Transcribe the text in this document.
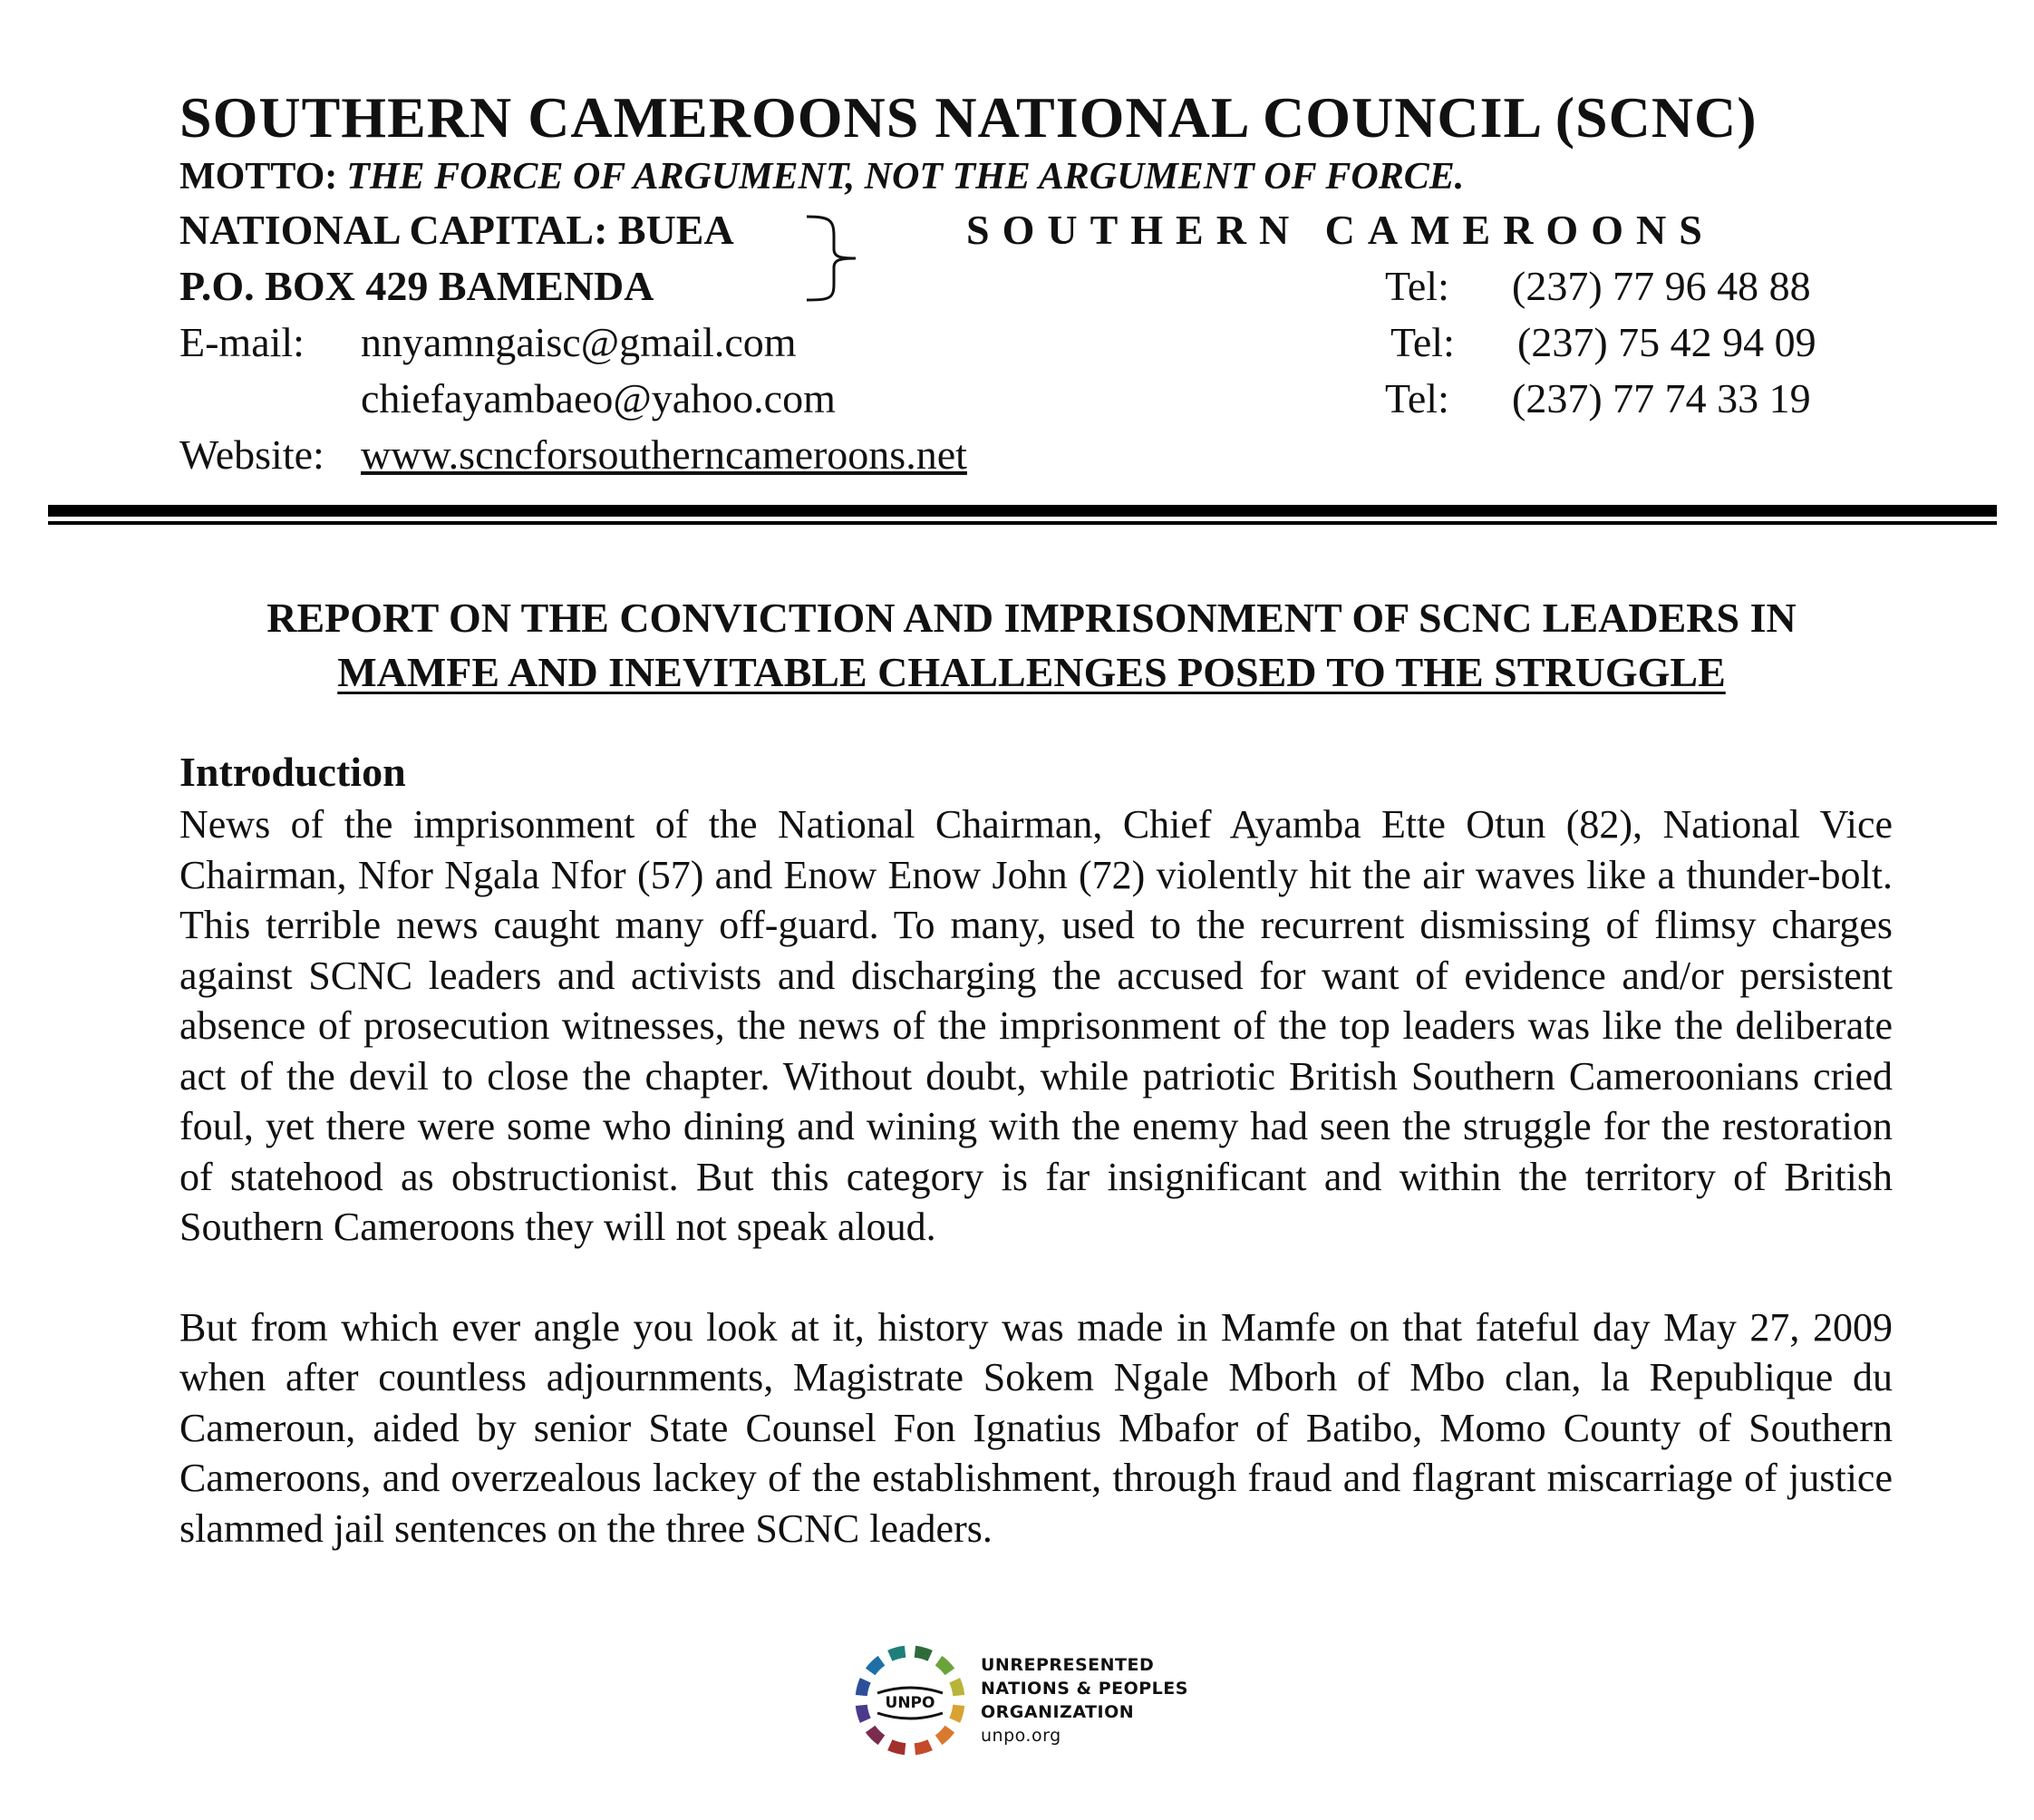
SOUTHERN CAMEROONS NATIONAL COUNCIL (SCNC)
MOTTO: THE FORCE OF ARGUMENT, NOT THE ARGUMENT OF FORCE.
NATIONAL CAPITAL: BUEA	SOUTHERN CAMEROONS
P.O. BOX 429 BAMENDA	Tel: (237) 77 96 48 88
E-mail: nnyamngaisc@gmail.com	Tel: (237) 75 42 94 09
chiefayambaeo@yahoo.com	Tel: (237) 77 74 33 19
Website: www.scncforsoutherncameroons.net
REPORT ON THE CONVICTION AND IMPRISONMENT OF SCNC LEADERS IN
MAMFE AND INEVITABLE CHALLENGES POSED TO THE STRUGGLE
Introduction

News of the imprisonment of the National Chairman, Chief Ayamba Ette Otun (82), National Vice Chairman, Nfor Ngala Nfor (57) and Enow Enow John (72) violently hit the air waves like a thunder-bolt. This terrible news caught many off-guard. To many, used to the recurrent dismissing of flimsy charges against SCNC leaders and activists and discharging the accused for want of evidence and/or persistent absence of prosecution witnesses, the news of the imprisonment of the top leaders was like the deliberate act of the devil to close the chapter. Without doubt, while patriotic British Southern Cameroonians cried foul, yet there were some who dining and wining with the enemy had seen the struggle for the restoration of statehood as obstructionist. But this category is far insignificant and within the territory of British Southern Cameroons they will not speak aloud.

But from which ever angle you look at it, history was made in Mamfe on that fateful day May 27, 2009 when after countless adjournments, Magistrate Sokem Ngale Mborh of Mbo clan, la Republique du Cameroun, aided by senior State Counsel Fon Ignatius Mbafor of Batibo, Momo County of Southern Cameroons, and overzealous lackey of the establishment, through fraud and flagrant miscarriage of justice slammed jail sentences on the three SCNC leaders.

UNPO
UNREPRESENTED
NATIONS & PEOPLES
ORGANIZATION
unpo.org
